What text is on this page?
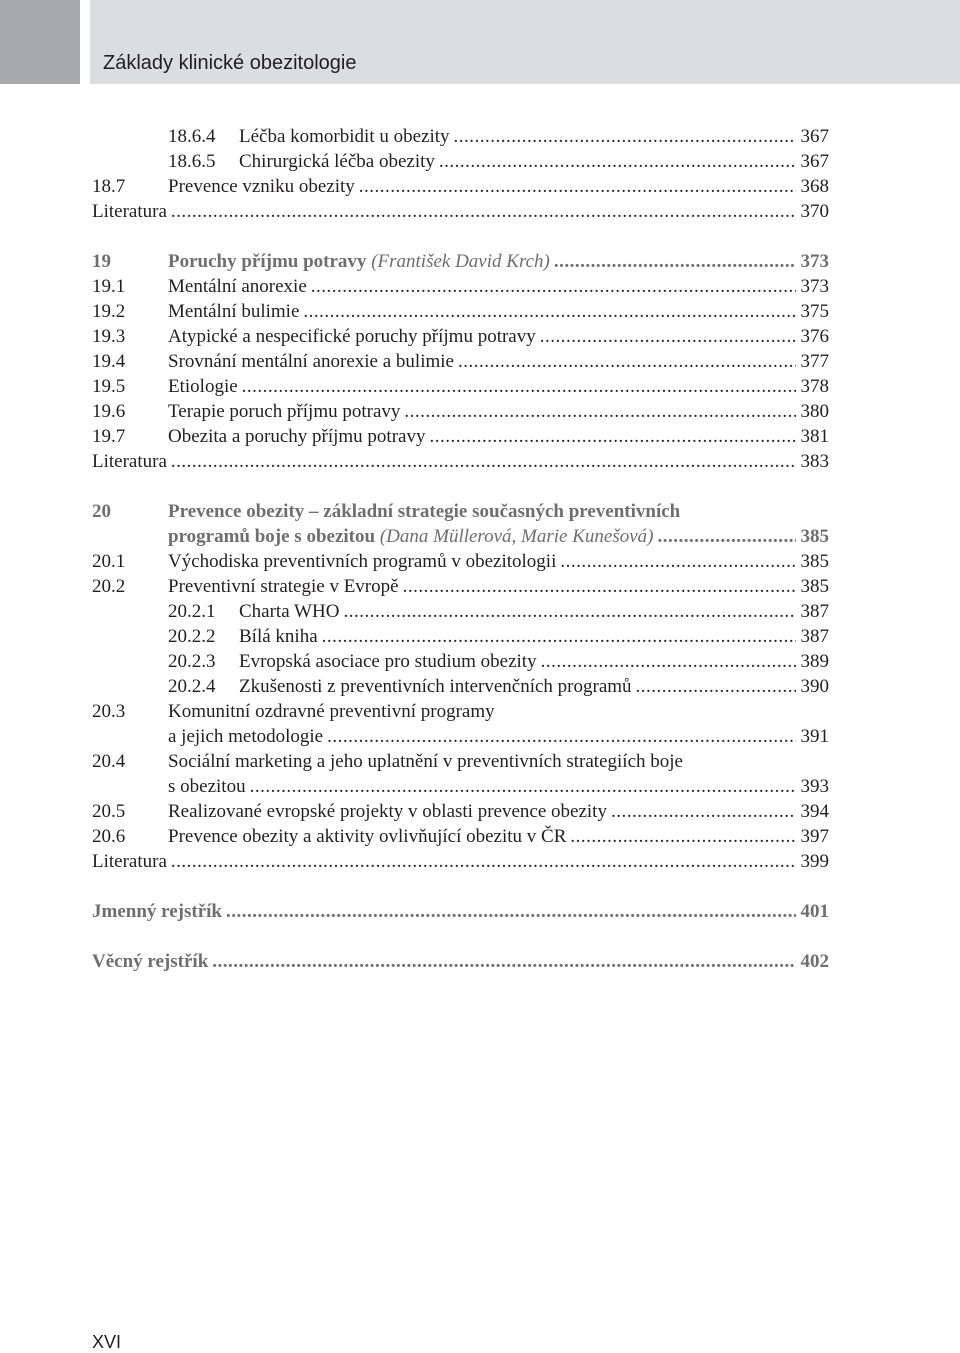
Základy klinické obezitologie
18.6.4 Léčba komorbidit u obezity .....	367
18.6.5 Chirurgická léčba obezity .....	367
18.7 Prevence vzniku obezity .....	368
Literatura .....	370
19	Poruchy příjmu potravy (František David Krch) .....	373
19.1 Mentální anorexie .....	373
19.2 Mentální bulimie .....	375
19.3 Atypické a nespecifické poruchy příjmu potravy .....	376
19.4 Srovnání mentální anorexie a bulimie .....	377
19.5 Etiologie .....	378
19.6 Terapie poruch příjmu potravy .....	380
19.7 Obezita a poruchy příjmu potravy .....	381
Literatura .....	383
20	Prevence obezity – základní strategie současných preventivních
programů boje s obezitou (Dana Müllerová, Marie Kunešová) .....	385
20.1 Východiska preventivních programů v obezitologii .....	385
20.2 Preventivní strategie v Evropě .....	385
20.2.1 Charta WHO .....	387
20.2.2 Bílá kniha .....	387
20.2.3 Evropská asociace pro studium obezity .....	389
20.2.4 Zkušenosti z preventivních intervenčních programů .....	390
20.3 Komunitní ozdravné preventivní programy
a jejich metodologie .....	391
20.4 Sociální marketing a jeho uplatnění v preventivních strategiích boje
s obezitou .....	393
20.5 Realizované evropské projekty v oblasti prevence obezity .....	394
20.6 Prevence obezity a aktivity ovlivňující obezitu v ČR .....	397
Literatura .....	399
Jmenný rejstřík .....	401
Věcný rejstřík .....	402
XVI
